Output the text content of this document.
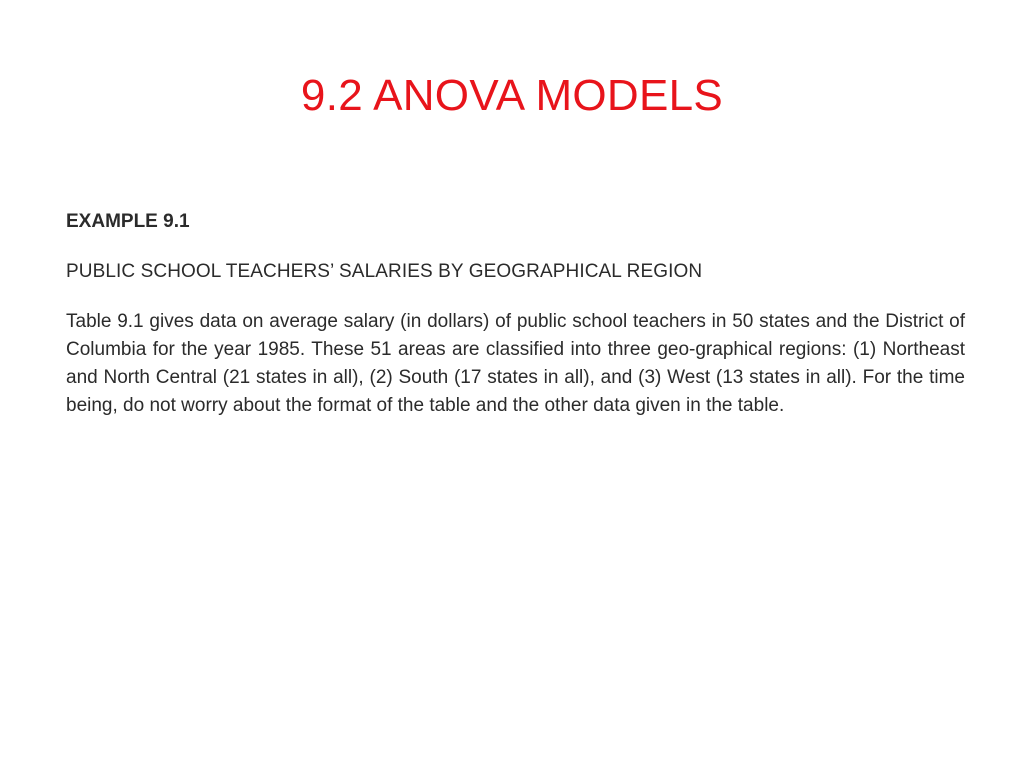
9.2 ANOVA MODELS

EXAMPLE 9.1

PUBLIC SCHOOL TEACHERS’ SALARIES BY GEOGRAPHICAL REGION

Table 9.1 gives data on average salary (in dollars) of public school teachers in 50 states and the District of Columbia for the year 1985. These 51 areas are classified into three geo-graphical regions: (1) Northeast and North Central (21 states in all), (2) South (17 states in all), and (3) West (13 states in all). For the time being, do not worry about the format of the table and the other data given in the table.
